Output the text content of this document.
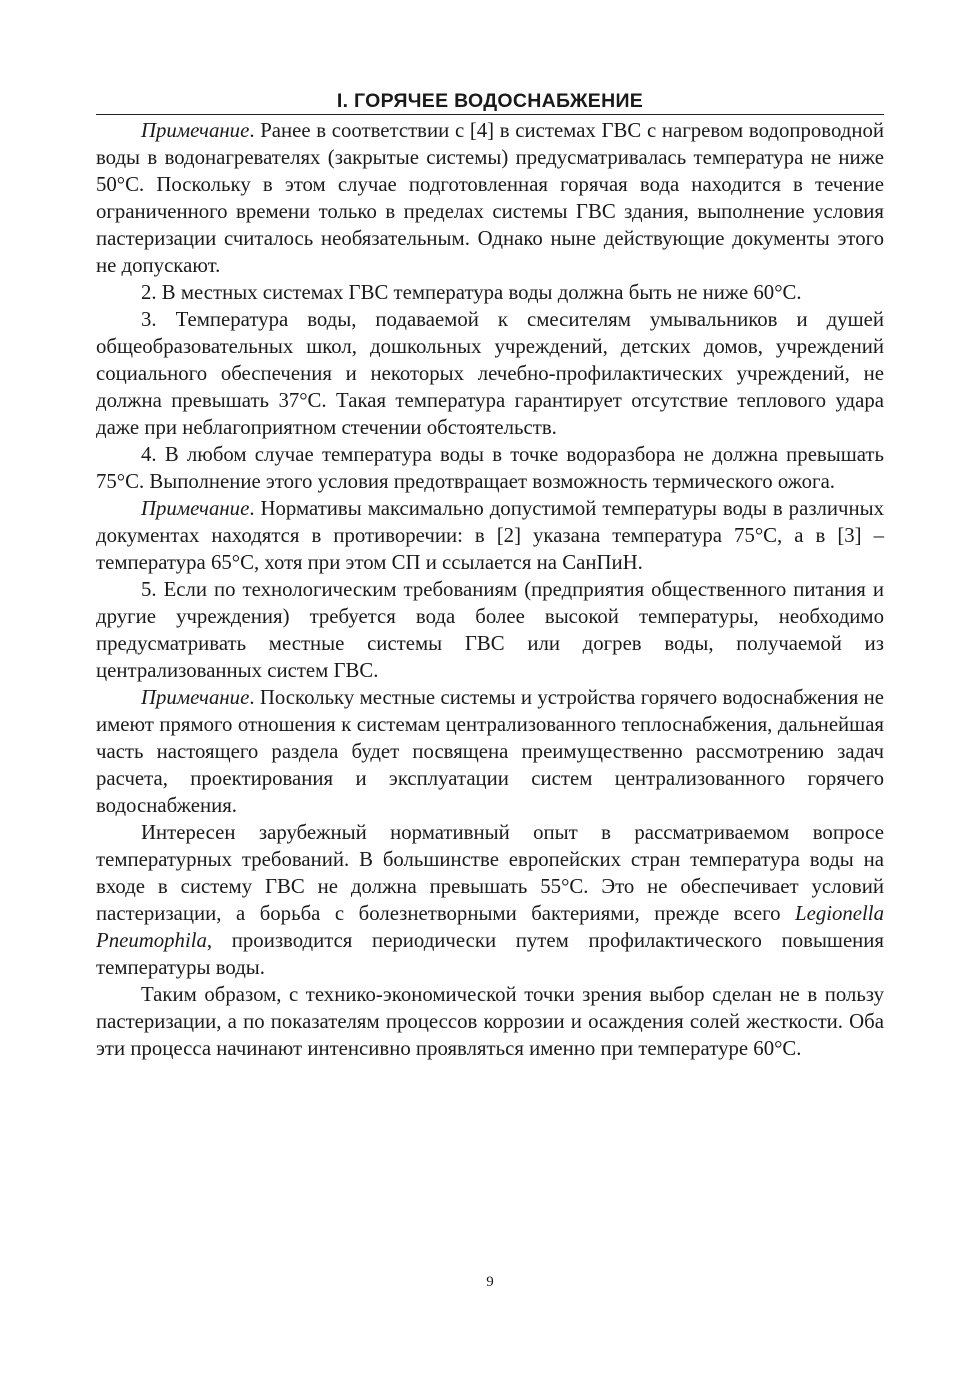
I. ГОРЯЧЕЕ ВОДОСНАБЖЕНИЕ

Примечание. Ранее в соответствии с [4] в системах ГВС с нагревом водопроводной воды в водонагревателях (закрытые системы) предусматривалась температура не ниже 50°С. Поскольку в этом случае подготовленная горячая вода находится в течение ограниченного времени только в пределах системы ГВС здания, выполнение условия пастеризации считалось необязательным. Однако ныне действующие документы этого не допускают.

2. В местных системах ГВС температура воды должна быть не ниже 60°С.

3. Температура воды, подаваемой к смесителям умывальников и душей общеобразовательных школ, дошкольных учреждений, детских домов, учреждений социального обеспечения и некоторых лечебно-профилактических учреждений, не должна превышать 37°С. Такая температура гарантирует отсутствие теплового удара даже при неблагоприятном стечении обстоятельств.

4. В любом случае температура воды в точке водоразбора не должна превышать 75°С. Выполнение этого условия предотвращает возможность термического ожога.

Примечание. Нормативы максимально допустимой температуры воды в различных документах находятся в противоречии: в [2] указана температура 75°С, а в [3] – температура 65°С, хотя при этом СП и ссылается на СанПиН.

5. Если по технологическим требованиям (предприятия общественного питания и другие учреждения) требуется вода более высокой температуры, необходимо предусматривать местные системы ГВС или догрев воды, получаемой из централизованных систем ГВС.

Примечание. Поскольку местные системы и устройства горячего водоснабжения не имеют прямого отношения к системам централизованного теплоснабжения, дальнейшая часть настоящего раздела будет посвящена преимущественно рассмотрению задач расчета, проектирования и эксплуатации систем централизованного горячего водоснабжения.

Интересен зарубежный нормативный опыт в рассматриваемом вопросе температурных требований. В большинстве европейских стран температура воды на входе в систему ГВС не должна превышать 55°С. Это не обеспечивает условий пастеризации, а борьба с болезнетворными бактериями, прежде всего Legionella Pneumophila, производится периодически путем профилактического повышения температуры воды.

Таким образом, с технико-экономической точки зрения выбор сделан не в пользу пастеризации, а по показателям процессов коррозии и осаждения солей жесткости. Оба эти процесса начинают интенсивно проявляться именно при температуре 60°С.

9
